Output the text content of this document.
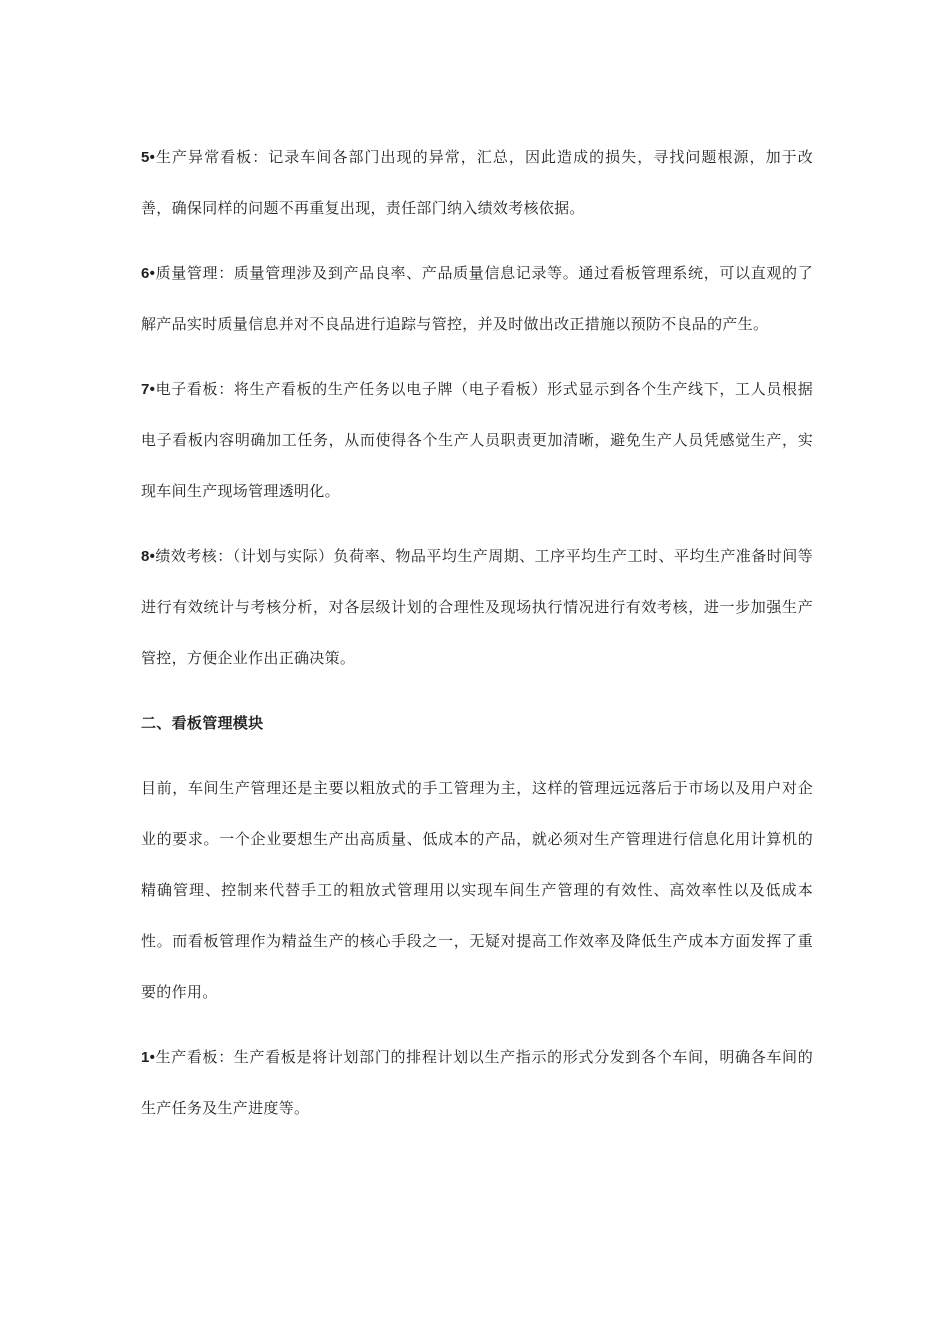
5•生产异常看板：记录车间各部门出现的异常，汇总，因此造成的损失，寻找问题根源，加于改善，确保同样的问题不再重复出现，责任部门纳入绩效考核依据。

6•质量管理：质量管理涉及到产品良率、产品质量信息记录等。通过看板管理系统，可以直观的了解产品实时质量信息并对不良品进行追踪与管控，并及时做出改正措施以预防不良品的产生。

7•电子看板：将生产看板的生产任务以电子牌（电子看板）形式显示到各个生产线下，工人员根据电子看板内容明确加工任务，从而使得各个生产人员职责更加清晰，避免生产人员凭感觉生产，实现车间生产现场管理透明化。

8•绩效考核：（计划与实际）负荷率、物品平均生产周期、工序平均生产工时、平均生产准备时间等进行有效统计与考核分析，对各层级计划的合理性及现场执行情况进行有效考核，进一步加强生产管控，方便企业作出正确决策。

二、看板管理模块

目前，车间生产管理还是主要以粗放式的手工管理为主，这样的管理远远落后于市场以及用户对企业的要求。一个企业要想生产出高质量、低成本的产品，就必须对生产管理进行信息化用计算机的精确管理、控制来代替手工的粗放式管理用以实现车间生产管理的有效性、高效率性以及低成本性。而看板管理作为精益生产的核心手段之一，无疑对提高工作效率及降低生产成本方面发挥了重要的作用。

1•生产看板：生产看板是将计划部门的排程计划以生产指示的形式分发到各个车间，明确各车间的生产任务及生产进度等。
